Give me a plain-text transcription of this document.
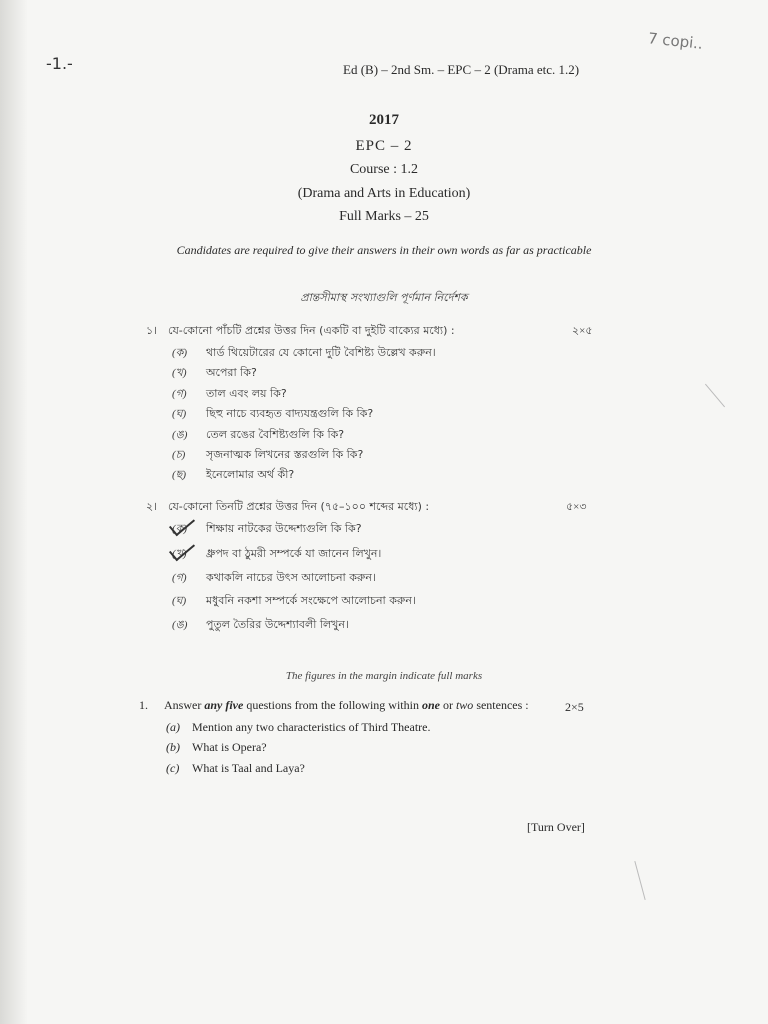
-1.-
7 copi..
Ed (B) – 2nd Sm. – EPC – 2 (Drama etc. 1.2)
2017
EPC – 2
Course : 1.2
(Drama and Arts in Education)
Full Marks – 25
Candidates are required to give their answers in their own words as far as practicable
প্রান্তসীমাস্থ সংখ্যাগুলি পূর্ণমান নির্দেশক
১। যে-কোনো পাঁচটি প্রশ্নের উত্তর দিন (একটি বা দুইটি বাক্যের মধ্যে) :	২×৫
(ক) থার্ড থিয়েটারের যে কোনো দুটি বৈশিষ্ট্য উল্লেখ করুন।
(খ) অপেরা কি?
(গ) তাল এবং লয় কি?
(ঘ) ছিহু নাচে ব্যবহৃত বাদ্যযন্ত্রগুলি কি কি?
(ঙ) তেল রঙের বৈশিষ্ট্যগুলি কি কি?
(চ) সৃজনাত্মক লিখনের স্তরগুলি কি কি?
(ছ) ইনেলোমার অর্থ কী?
২। যে-কোনো তিনটি প্রশ্নের উত্তর দিন (৭৫–১০০ শব্দের মধ্যে) :	৫×৩
(ক) শিক্ষায় নাটকের উদ্দেশ্যগুলি কি কি?
(খ) ধ্রুপদ বা ঠুমরী সম্পর্কে যা জানেন লিখুন।
(গ) কথাকলি নাচের উৎস আলোচনা করুন।
(ঘ) মধুবনি নকশা সম্পর্কে সংক্ষেপে আলোচনা করুন।
(ঙ) পুতুল তৈরির উদ্দেশ্যাবলী লিখুন।
The figures in the margin indicate full marks
1. Answer any five questions from the following within one or two sentences :	2×5
(a) Mention any two characteristics of Third Theatre.
(b) What is Opera?
(c) What is Taal and Laya?
[Turn Over]
